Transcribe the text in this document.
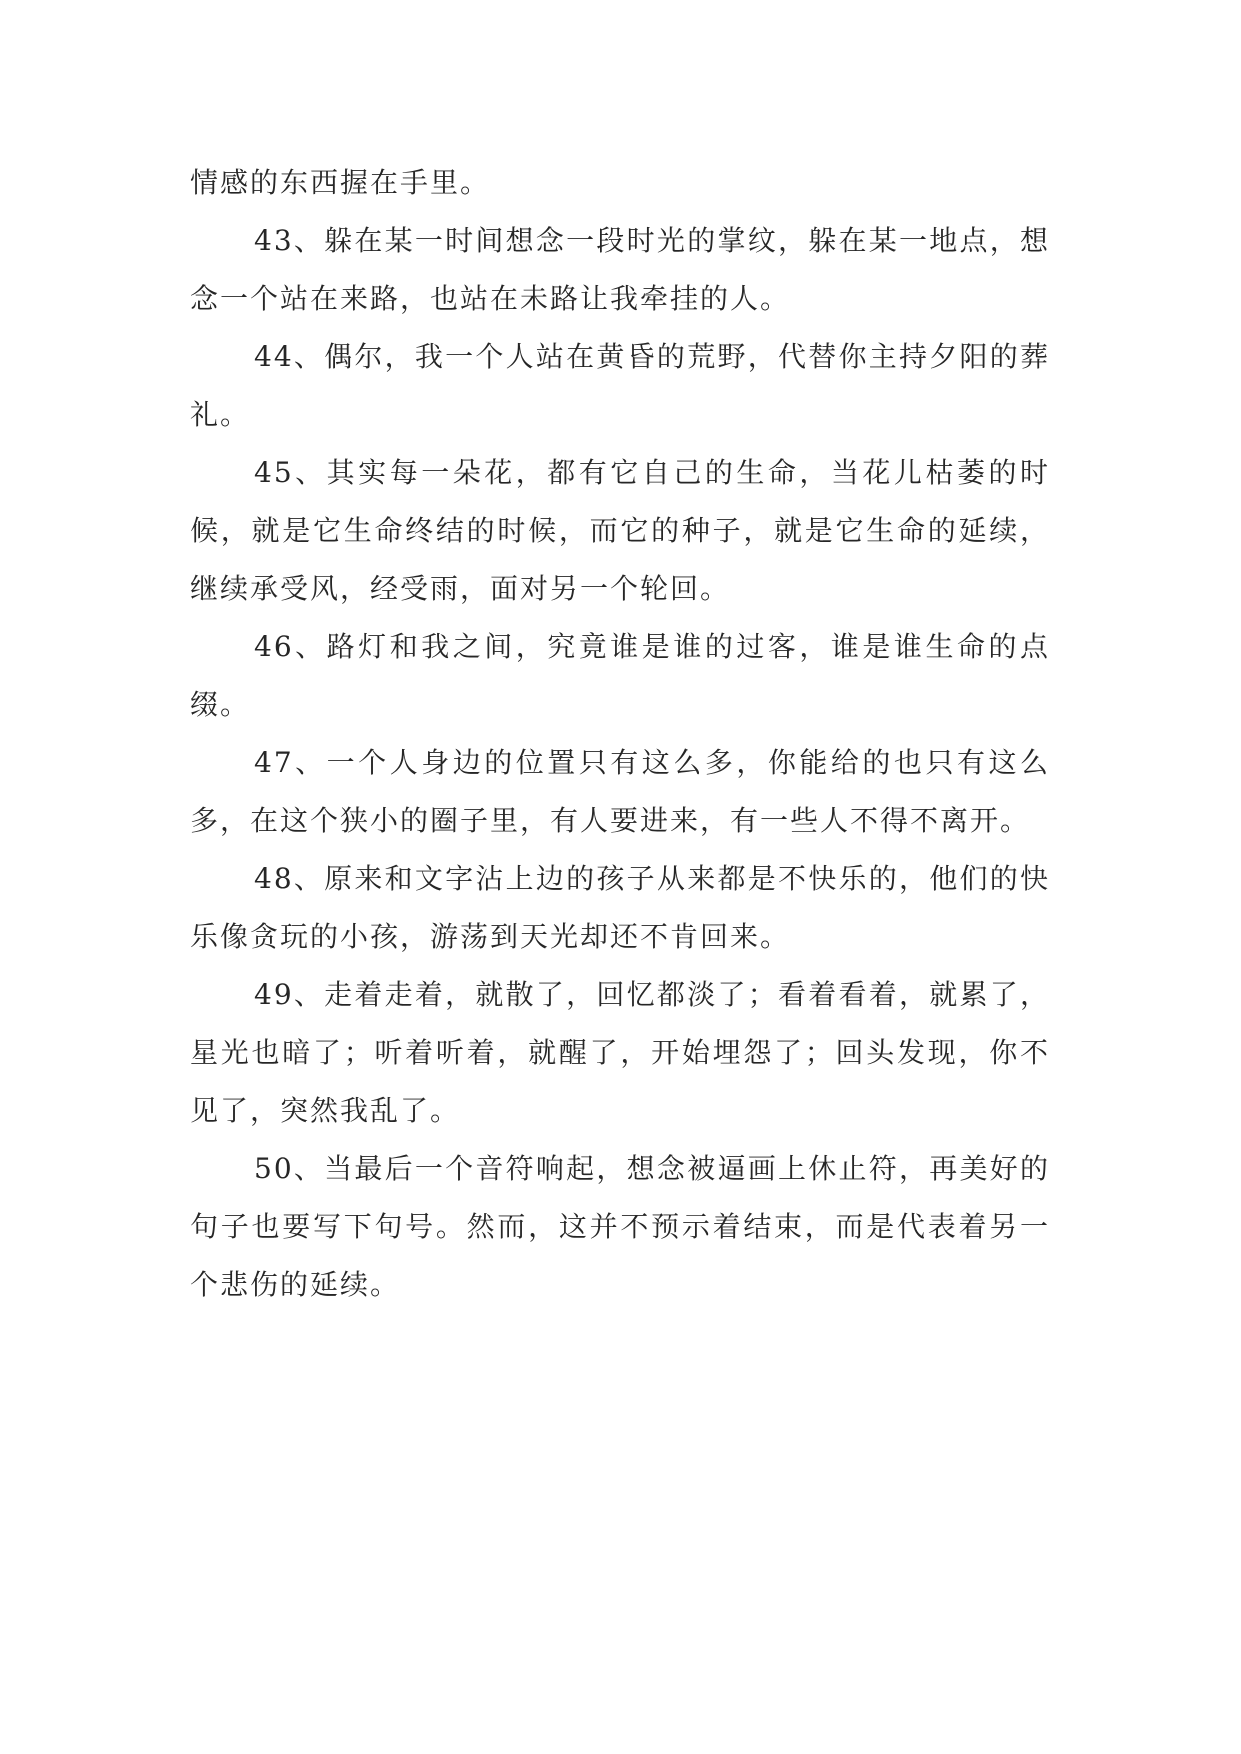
情感的东西握在手里。

43、躲在某一时间想念一段时光的掌纹，躲在某一地点，想念一个站在来路，也站在未路让我牵挂的人。

44、偶尔，我一个人站在黄昏的荒野，代替你主持夕阳的葬礼。

45、其实每一朵花，都有它自己的生命，当花儿枯萎的时候，就是它生命终结的时候，而它的种子，就是它生命的延续，继续承受风，经受雨，面对另一个轮回。

46、路灯和我之间，究竟谁是谁的过客，谁是谁生命的点缀。

47、一个人身边的位置只有这么多，你能给的也只有这么多，在这个狭小的圈子里，有人要进来，有一些人不得不离开。

48、原来和文字沾上边的孩子从来都是不快乐的，他们的快乐像贪玩的小孩，游荡到天光却还不肯回来。

49、走着走着，就散了，回忆都淡了；看着看着，就累了，星光也暗了；听着听着，就醒了，开始埋怨了；回头发现，你不见了，突然我乱了。

50、当最后一个音符响起，想念被逼画上休止符，再美好的句子也要写下句号。然而，这并不预示着结束，而是代表着另一个悲伤的延续。
